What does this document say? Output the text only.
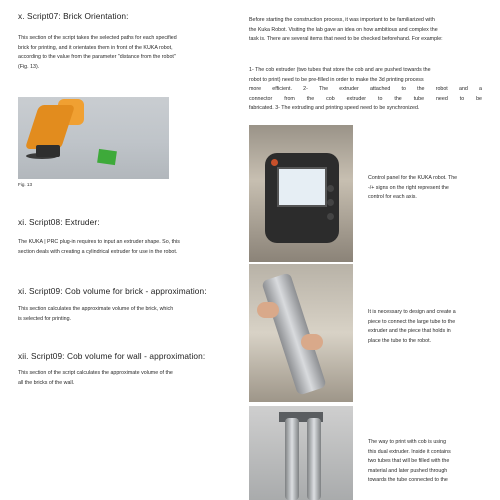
x. Script07: Brick Orientation:

This section of the script takes the selected paths for each specified

brick for printing, and it orientates them in front of the KUKA robot,

according to the value from the parameter "distance from the robot"

(Fig. 13).

Fig. 13

xi. Script08: Extruder:

The KUKA | PRC plug-in requires to input an extruder shape. So, this

section deals with creating a cylindrical extruder for use in the robot.

xi. Script09: Cob volume for brick - approximation:

This section calculates the approximate volume of the brick, which

is selected for printing.

xii. Script09: Cob volume for wall - approximation:

This section of the script calculates the approximate volume of the

all the bricks of the wall.

Before starting the construction process, it was important to be familiarized with

the Kuka Robot. Visiting the lab gave an idea on how ambitious and complex the

task is. There are several items that need to be checked beforehand. For example:

1- The cob extruder (two tubes that store the cob and are pushed towards the

robot to print) need to be pre-filled in order to make the 3d printing process

more efficient. 2- The extruder attached to the robot and a

connector from the cob extruder to the tube need to be

fabricated. 3- The extruding and printing speed need to be synchronized.

Control panel for the KUKA robot. The

-/+ signs on the right represent the

control for each axis.

It is necessary to design and create a

piece to connect the large tube to the

extruder and the piece that holds in

place the tube to the robot.

The way to print with cob is using

this dual extruder. Inside it contains

two tubes that will be filled with the

material and later pushed through

towards the tube connected to the
